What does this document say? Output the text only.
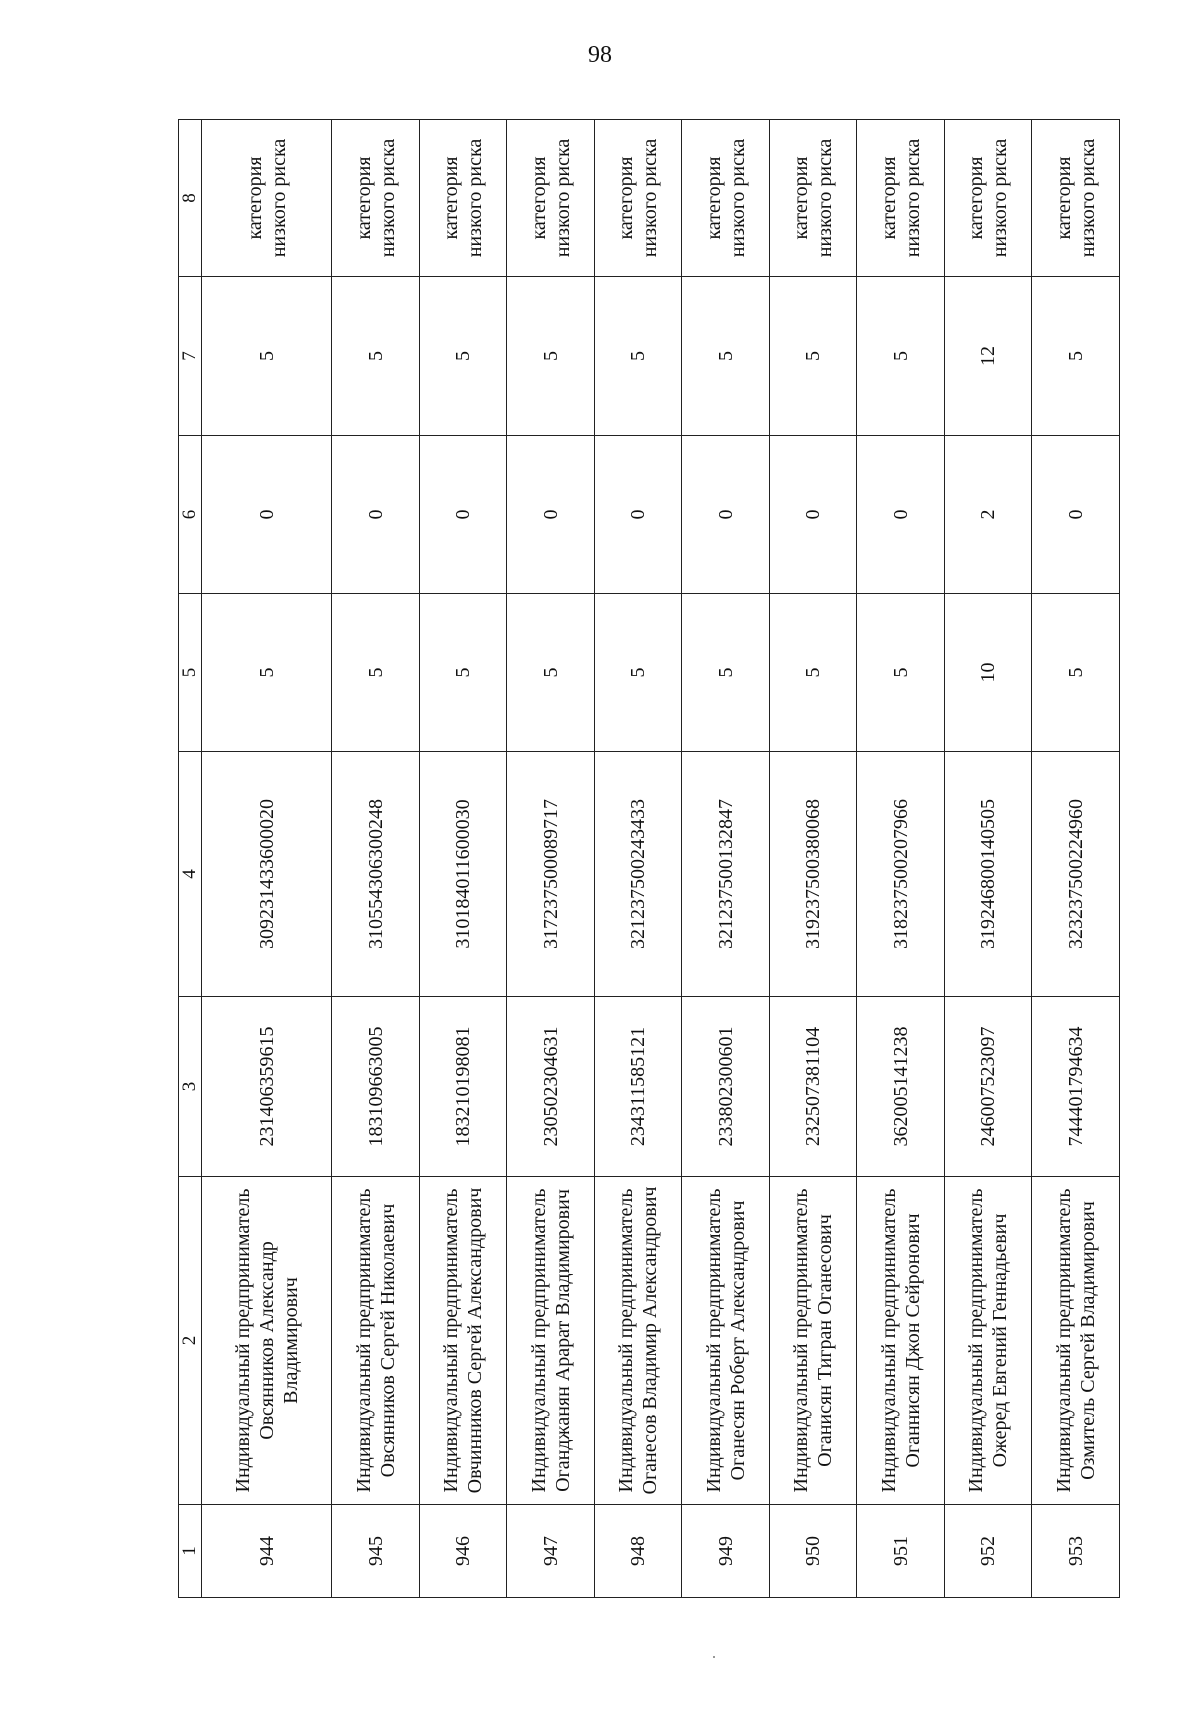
98
1	2	3	4	5	6	7	8
944	Индивидуальный предприниматель Овсянников Александр Владимирович	231406359615	309231433600020	5	0	5	категория низкого риска
945	Индивидуальный предприниматель Овсянников Сергей Николаевич	183109663005	310554306300248	5	0	5	категория низкого риска
946	Индивидуальный предприниматель Овчинников Сергей Александрович	183210198081	310184011600030	5	0	5	категория низкого риска
947	Индивидуальный предприниматель Оганджанян Арарат Владимирович	230502304631	317237500089717	5	0	5	категория низкого риска
948	Индивидуальный предприниматель Оганесов Владимир Александрович	234311585121	321237500243433	5	0	5	категория низкого риска
949	Индивидуальный предприниматель Оганесян Роберт Александрович	233802300601	321237500132847	5	0	5	категория низкого риска
950	Индивидуальный предприниматель Оганисян Тигран Оганесович	232507381104	319237500380068	5	0	5	категория низкого риска
951	Индивидуальный предприниматель Оганнисян Джон Сейронович	362005141238	318237500207966	5	0	5	категория низкого риска
952	Индивидуальный предприниматель Ожеред Евгений Геннадьевич	246007523097	319246800140505	10	2	12	категория низкого риска
953	Индивидуальный предприниматель Озмитель Сергей Владимирович	744401794634	323237500224960	5	0	5	категория низкого риска
